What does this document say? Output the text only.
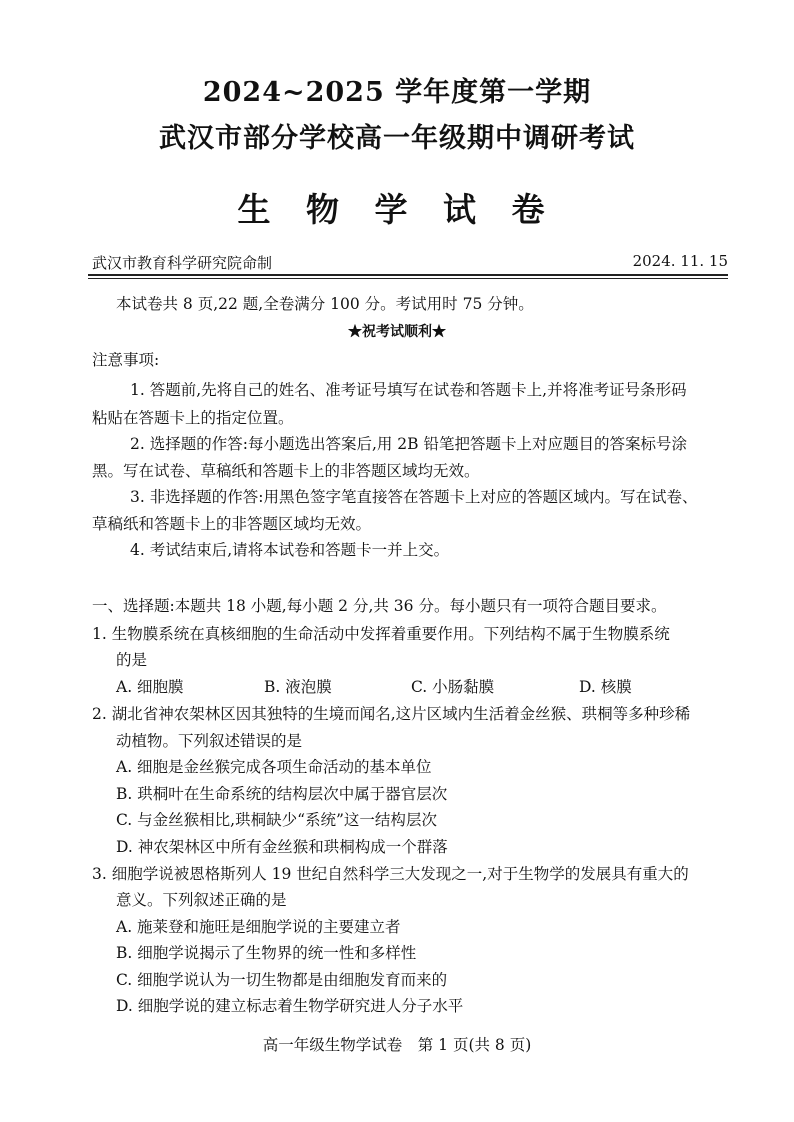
2024~2025 学年度第一学期
武汉市部分学校高一年级期中调研考试
生 物 学 试 卷
武汉市教育科学研究院命制	2024. 11. 15
本试卷共 8 页,22 题,全卷满分 100 分。考试用时 75 分钟。
★祝考试顺利★
注意事项:
1. 答题前,先将自己的姓名、准考证号填写在试卷和答题卡上,并将准考证号条形码
粘贴在答题卡上的指定位置。
2. 选择题的作答:每小题选出答案后,用 2B 铅笔把答题卡上对应题目的答案标号涂
黑。写在试卷、草稿纸和答题卡上的非答题区域均无效。
3. 非选择题的作答:用黑色签字笔直接答在答题卡上对应的答题区域内。写在试卷、
草稿纸和答题卡上的非答题区域均无效。
4. 考试结束后,请将本试卷和答题卡一并上交。
一、选择题:本题共 18 小题,每小题 2 分,共 36 分。每小题只有一项符合题目要求。
1. 生物膜系统在真核细胞的生命活动中发挥着重要作用。下列结构不属于生物膜系统
的是
A. 细胞膜	B. 液泡膜	C. 小肠黏膜	D. 核膜
2. 湖北省神农架林区因其独特的生境而闻名,这片区域内生活着金丝猴、珙桐等多种珍稀
动植物。下列叙述错误的是
A. 细胞是金丝猴完成各项生命活动的基本单位
B. 珙桐叶在生命系统的结构层次中属于器官层次
C. 与金丝猴相比,珙桐缺少“系统”这一结构层次
D. 神农架林区中所有金丝猴和珙桐构成一个群落
3. 细胞学说被恩格斯列人 19 世纪自然科学三大发现之一,对于生物学的发展具有重大的
意义。下列叙述正确的是
A. 施莱登和施旺是细胞学说的主要建立者
B. 细胞学说揭示了生物界的统一性和多样性
C. 细胞学说认为一切生物都是由细胞发育而来的
D. 细胞学说的建立标志着生物学研究进人分子水平
高一年级生物学试卷　第 1 页(共 8 页)
